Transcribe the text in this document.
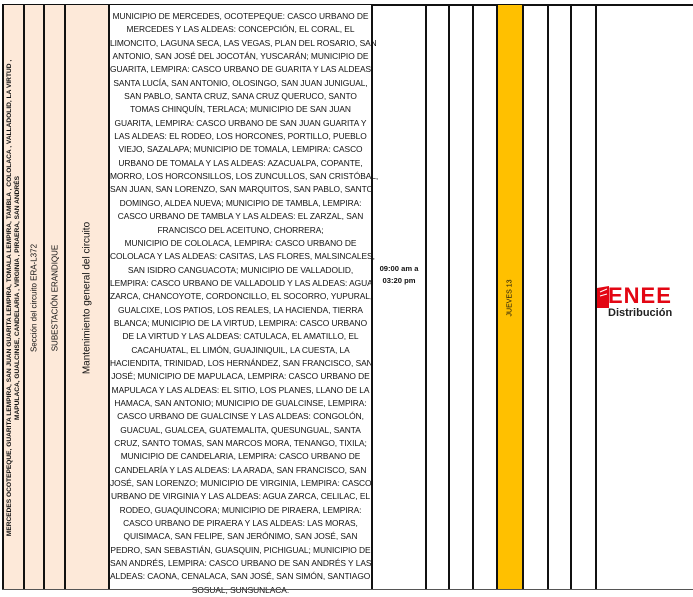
MERCEDES OCOTEPEQUE, GUARITA LEMPIRA, SAN JUAN GUARITA LEMPIRA, TOMALA LEMPIRA, TAMBLA , COLOLACA , VALLADOLID, LA VIRTUD , MAPULACA, GUALCINSE, CANDELARIA , VIRGINIA , PIRAERA, SAN ANDRÉS Sección del circuito ERA-L372 SUBESTACIÓN ERANDIQUE Mantenimiento general del circuito
MUNICIPIO DE MERCEDES, OCOTEPEQUE: CASCO URBANO DE
MERCEDES Y LAS ALDEAS: CONCEPCIÓN, EL CORAL, EL
LIMONCITO, LAGUNA SECA, LAS VEGAS, PLAN DEL ROSARIO, SAN
ANTONIO, SAN JOSÉ DEL JOCOTÁN, YUSCARÁN; MUNICIPIO DE
GUARITA, LEMPIRA: CASCO URBANO DE GUARITA Y LAS ALDEAS:
SANTA LUCÍA, SAN ANTONIO, OLOSINGO, SAN JUAN JUNIGUAL,
SAN PABLO, SANTA CRUZ, SANA CRUZ QUERUCO, SANTO
TOMAS CHINQUÍN, TERLACA; MUNICIPIO DE SAN JUAN
GUARITA, LEMPIRA: CASCO URBANO DE SAN JUAN GUARITA Y
LAS ALDEAS: EL RODEO, LOS HORCONES, PORTILLO, PUEBLO
VIEJO, SAZALAPA; MUNICIPIO DE TOMALA, LEMPIRA: CASCO
URBANO DE TOMALA Y LAS ALDEAS: AZACUALPA, COPANTE,
MORRO, LOS HORCONSILLOS, LOS ZUNCULLOS, SAN CRISTÓBAL,
SAN JUAN, SAN LORENZO, SAN MARQUITOS, SAN PABLO, SANTO
DOMINGO, ALDEA NUEVA; MUNICIPIO DE TAMBLA, LEMPIRA:
CASCO URBANO DE TAMBLA Y LAS ALDEAS: EL ZARZAL, SAN
FRANCISCO DEL ACEITUNO, CHORRERA;
MUNICIPIO DE COLOLACA, LEMPIRA: CASCO URBANO DE
COLOLACA Y LAS ALDEAS: CASITAS, LAS FLORES, MALSINCALES,
SAN ISIDRO CANGUACOTA; MUNICIPIO DE VALLADOLID,
LEMPIRA: CASCO URBANO DE VALLADOLID Y LAS ALDEAS: AGUA
ZARCA, CHANCOYOTE, CORDONCILLO, EL SOCORRO, YUPURAL,
GUALCIXE, LOS PATIOS, LOS REALES, LA HACIENDA, TIERRA
BLANCA; MUNICIPIO DE LA VIRTUD, LEMPIRA: CASCO URBANO
DE LA VIRTUD Y LAS ALDEAS: CATULACA, EL AMATILLO, EL
CACAHUATAL, EL LIMÓN, GUAJINIQUIL, LA CUESTA, LA
HACIENDITA, TRINIDAD, LOS HERNÁNDEZ, SAN FRANCISCO, SAN
JOSÉ; MUNICIPIO DE MAPULACA, LEMPIRA: CASCO URBANO DE
MAPULACA Y LAS ALDEAS: EL SITIO, LOS PLANES, LLANO DE LA
HAMACA, SAN ANTONIO; MUNICIPIO DE GUALCINSE, LEMPIRA:
CASCO URBANO DE GUALCINSE Y LAS ALDEAS: CONGOLÓN,
GUACUAL, GUALCEA, GUATEMALITA, QUESUNGUAL, SANTA
CRUZ, SANTO TOMAS, SAN MARCOS MORA, TENANGO, TIXILA;
MUNICIPIO DE CANDELARIA, LEMPIRA: CASCO URBANO DE
CANDELARÍA Y LAS ALDEAS: LA ARADA, SAN FRANCISCO, SAN
JOSÉ, SAN LORENZO; MUNICIPIO DE VIRGINIA, LEMPIRA: CASCO
URBANO DE VIRGINIA Y LAS ALDEAS: AGUA ZARCA, CELILAC, EL
RODEO, GUAQUINCORA; MUNICIPIO DE PIRAERA, LEMPIRA:
CASCO URBANO DE PIRAERA Y LAS ALDEAS: LAS MORAS,
QUISIMACA, SAN FELIPE, SAN JERÓNIMO, SAN JOSÉ, SAN
PEDRO, SAN SEBASTIÁN, GUASQUIN, PICHIGUAL; MUNICIPIO DE
SAN ANDRÉS, LEMPIRA: CASCO URBANO DE SAN ANDRÉS Y LAS
ALDEAS: CAONA, CENALACA, SAN JOSÉ, SAN SIMÓN, SANTIAGO,
09:00 am a
03:20 pm	JUEVES 13	ENEE
Distribución
